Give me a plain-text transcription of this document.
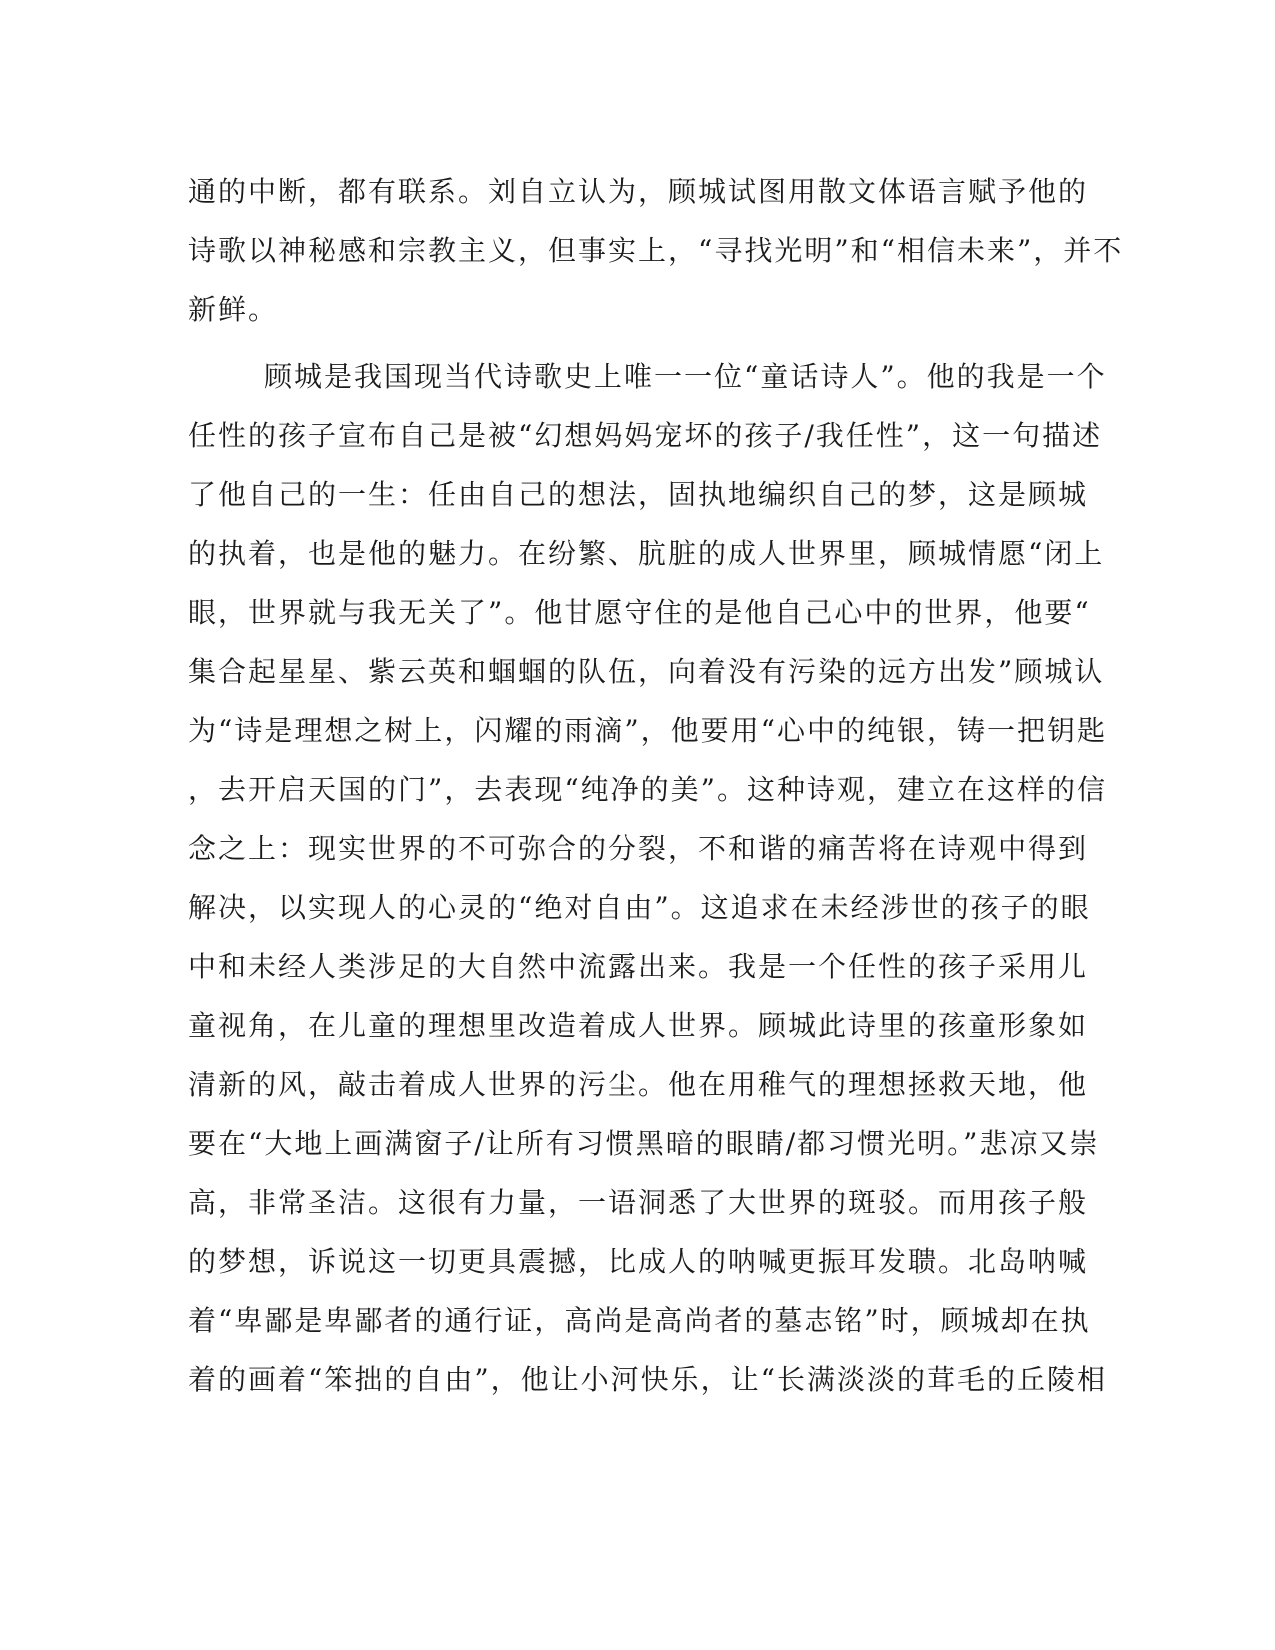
通的中断，都有联系。刘自立认为，顾城试图用散文体语言赋予他的
诗歌以神秘感和宗教主义，但事实上，“寻找光明”和“相信未来”，并不
新鲜。
顾城是我国现当代诗歌史上唯一一位“童话诗人”。他的我是一个
任性的孩子宣布自己是被“幻想妈妈宠坏的孩子/我任性”，这一句描述
了他自己的一生：任由自己的想法，固执地编织自己的梦，这是顾城
的执着，也是他的魅力。在纷繁、肮脏的成人世界里，顾城情愿“闭上
眼，世界就与我无关了”。他甘愿守住的是他自己心中的世界，他要“
集合起星星、紫云英和蝈蝈的队伍，向着没有污染的远方出发”顾城认
为“诗是理想之树上，闪耀的雨滴”，他要用“心中的纯银，铸一把钥匙
，去开启天国的门”，去表现“纯净的美”。这种诗观，建立在这样的信
念之上：现实世界的不可弥合的分裂，不和谐的痛苦将在诗观中得到
解决，以实现人的心灵的“绝对自由”。这追求在未经涉世的孩子的眼
中和未经人类涉足的大自然中流露出来。我是一个任性的孩子采用儿
童视角，在儿童的理想里改造着成人世界。顾城此诗里的孩童形象如
清新的风，敲击着成人世界的污尘。他在用稚气的理想拯救天地，他
要在“大地上画满窗子/让所有习惯黑暗的眼睛/都习惯光明。”悲凉又崇
高，非常圣洁。这很有力量，一语洞悉了大世界的斑驳。而用孩子般
的梦想，诉说这一切更具震撼，比成人的呐喊更振耳发聩。北岛呐喊
着“卑鄙是卑鄙者的通行证，高尚是高尚者的墓志铭”时，顾城却在执
着的画着“笨拙的自由”，他让小河快乐，让“长满淡淡的茸毛的丘陵相
